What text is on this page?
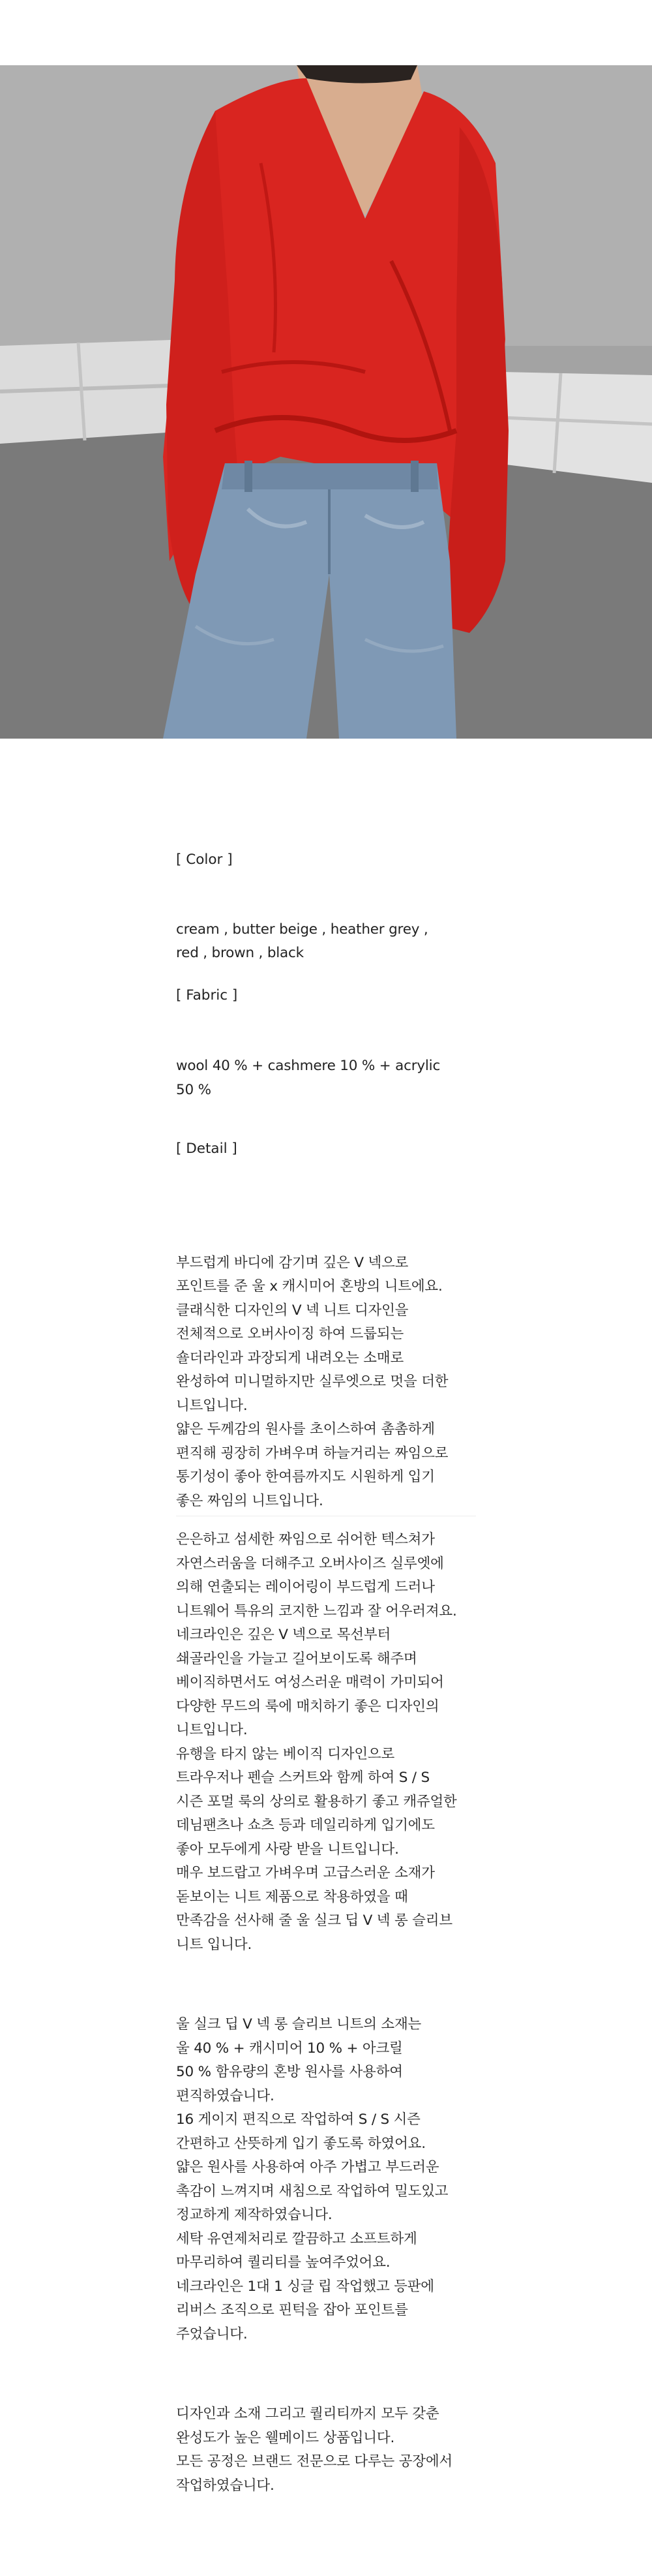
[ Color ]

cream , butter beige , heather grey ,
red , brown , black

[ Fabric ]

wool 40 % + cashmere 10 % + acrylic
50 %

[ Detail ]

부드럽게 바디에 감기며 깊은 V 넥으로
포인트를 준 울 x 캐시미어 혼방의 니트에요.
클래식한 디자인의 V 넥 니트 디자인을
전체적으로 오버사이징 하여 드룹되는
숄더라인과 과장되게 내려오는 소매로
완성하여 미니멀하지만 실루엣으로 멋을 더한
니트입니다.
얇은 두께감의 원사를 초이스하여 촘촘하게
편직해 굉장히 가벼우며 하늘거리는 짜임으로
통기성이 좋아 한여름까지도 시원하게 입기
좋은 짜임의 니트입니다.

은은하고 섬세한 짜임으로 쉬어한 텍스쳐가
자연스러움을 더해주고 오버사이즈 실루엣에
의해 연출되는 레이어링이 부드럽게 드러나
니트웨어 특유의 코지한 느낌과 잘 어우러져요.
네크라인은 깊은 V 넥으로 목선부터
쇄골라인을 가늘고 길어보이도록 해주며
베이직하면서도 여성스러운 매력이 가미되어
다양한 무드의 룩에 매치하기 좋은 디자인의
니트입니다.
유행을 타지 않는 베이직 디자인으로
트라우저나 펜슬 스커트와 함께 하여 S / S
시즌 포멀 룩의 상의로 활용하기 좋고 캐쥬얼한
데님팬츠나 쇼츠 등과 데일리하게 입기에도
좋아 모두에게 사랑 받을 니트입니다.
매우 보드랍고 가벼우며 고급스러운 소재가
돋보이는 니트 제품으로 착용하였을 때
만족감을 선사해 줄 울 실크 딥 V 넥 롱 슬리브
니트 입니다.

울 실크 딥 V 넥 롱 슬리브 니트의 소재는
울 40 % + 캐시미어 10 % + 아크릴
50 % 함유량의 혼방 원사를 사용하여
편직하였습니다.
16 게이지 편직으로 작업하여 S / S 시즌
간편하고 산뜻하게 입기 좋도록 하였어요.
얇은 원사를 사용하여 아주 가볍고 부드러운
촉감이 느껴지며 새침으로 작업하여 밀도있고
정교하게 제작하였습니다.
세탁 유연제처리로 깔끔하고 소프트하게
마무리하여 퀄리티를 높여주었어요.
네크라인은 1대 1 싱글 립 작업했고 등판에
리버스 조직으로 핀턱을 잡아 포인트를
주었습니다.

디자인과 소재 그리고 퀄리티까지 모두 갖춘
완성도가 높은 웰메이드 상품입니다.
모든 공정은 브랜드 전문으로 다루는 공장에서
작업하였습니다.
